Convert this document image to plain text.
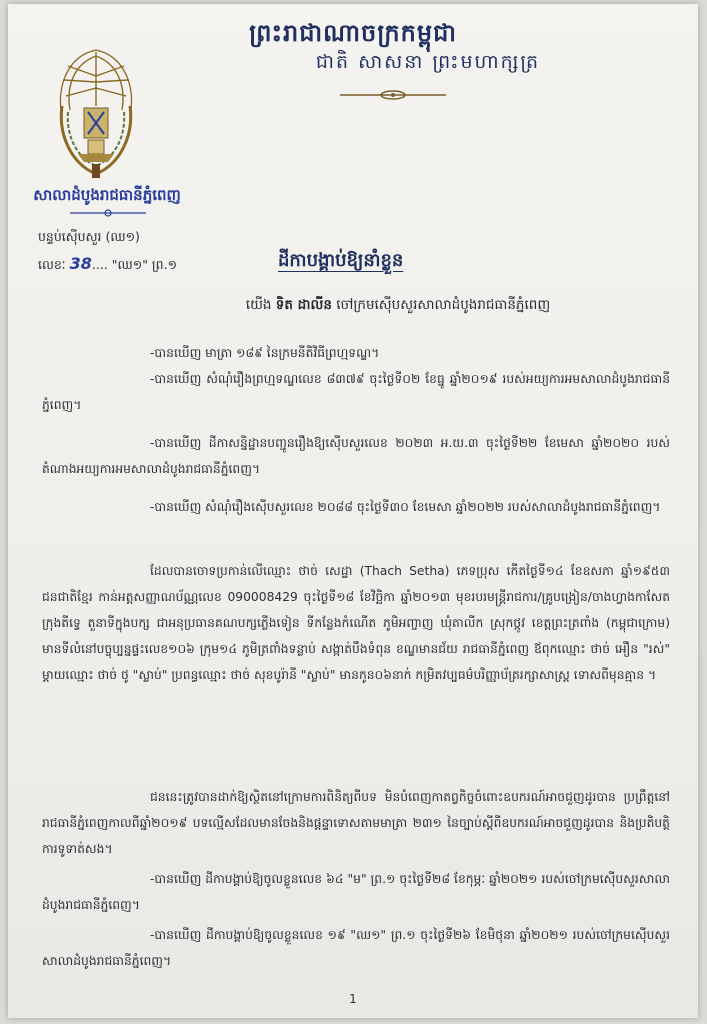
ព្រះរាជាណាចក្រកម្ពុជា
ជាតិ សាសនា ព្រះមហាក្សត្រ
សាលាដំបូងរាជធានីភ្នំពេញ
បន្ទប់ស៊ើបសួរ (ឈ១)
លេខៈ 38.... "ឈ១" ព្រ.១	ដីកាបង្គាប់ឱ្យនាំខ្លួន
យើង ទិត ដាលីន ចៅក្រមស៊ើបសួរសាលាដំបូងរាជធានីភ្នំពេញ
-បានឃើញ មាត្រា ១៨៩ នៃក្រមនីតិវិធីព្រហ្មទណ្ឌ។
-បានឃើញ សំណុំរឿងព្រហ្មទណ្ឌលេខ ៨៣៧៩ ចុះថ្ងៃទី០២ ខែធ្នូ ឆ្នាំ២០១៩ របស់អយ្យការអមសាលាដំបូងរាជធានីភ្នំពេញ។
-បានឃើញ ដីកាសន្និដ្ឋានបញ្ជូនរឿងឱ្យស៊ើបសួរលេខ ២០២៣ អ.យ.៣ ចុះថ្ងៃទី២២ ខែមេសា ឆ្នាំ២០២០ របស់តំណាងអយ្យការអមសាលាដំបូងរាជធានីភ្នំពេញ។
-បានឃើញ សំណុំរឿងស៊ើបសួរលេខ ២០៨៨ ចុះថ្ងៃទី៣០ ខែមេសា ឆ្នាំ២០២២ របស់សាលាដំបូងរាជធានីភ្នំពេញ។
ដែលបានចោទប្រកាន់លើឈ្មោះ ថាច់ សេដ្ឋា (Thach Setha) ភេទប្រុស កើតថ្ងៃទី១៤ ខែឧសភា ឆ្នាំ១៩៥៣ ជនជាតិខ្មែរ កាន់អត្តសញ្ញាណប័ណ្ណលេខ 090008429 ចុះថ្ងៃទី១៨ ខែវិច្ឆិកា ឆ្នាំ២០១៣ មុខរបរមន្ត្រីរាជការ/គ្រូបង្រៀន/ចាងហ្វាងកាសែតក្រុងតីទ្វេ តួនាទីក្នុងបក្ស ជាអនុប្រធានគណបក្សភ្លើងទៀន ទីកន្លែងកំណើត ភូមិអញ្ចាញ ឃុំតាលីក ស្រុកថ្កូវ ខេត្តព្រះត្រពាំង (កម្ពុជាក្រោម) មានទីលំនៅបច្ចុប្បន្នផ្ទះលេខ១០៦ ក្រុម១៤ ភូមិត្រពាំងទន្លាប់ សង្កាត់បឹងទំពុន ខណ្ឌមានជ័យ រាជធានីភ្នំពេញ ឪពុកឈ្មោះ ថាច់ អឿន "រស់" ម្តាយឈ្មោះ ថាច់ ថូ "ស្លាប់" ប្រពន្ធឈ្មោះ ថាច់ សុខបូរ៉ានី "ស្លាប់" មានកូន០៦នាក់ កម្រិតវប្បធម៌បរិញ្ញាប័ត្ររក្សាសាស្ត្រ ទោសពីមុនគ្មាន ។
ជននេះត្រូវបានដាក់ឱ្យស្ថិតនៅក្រោមការពិនិត្យពីបទ មិនបំពេញកាតព្វកិច្ចចំពោះឧបករណ៍អាចជួញដូរបាន ប្រព្រឹត្តនៅរាជធានីភ្នំពេញកាលពីឆ្នាំ២០១៩ បទល្មើសដែលមានចែងនិងផ្តន្ទាទោសតាមមាត្រា ២៣១ នៃច្បាប់ស្តីពីឧបករណ៍អាចជួញដូរបាន និងប្រតិបត្តិការទូទាត់សង។
-បានឃើញ ដីកាបង្គាប់ឱ្យចូលខ្លួនលេខ ៦៤ "ម" ព្រ.១ ចុះថ្ងៃទី២៨ ខែកុម្ភៈ ឆ្នាំ២០២១ របស់ចៅក្រមស៊ើបសួរសាលាដំបូងរាជធានីភ្នំពេញ។
-បានឃើញ ដីកាបង្គាប់ឱ្យចូលខ្លួនលេខ ១៩ "ឈ១" ព្រ.១ ចុះថ្ងៃទី២៦ ខែមិថុនា ឆ្នាំ២០២១ របស់ចៅក្រមស៊ើបសួរសាលាដំបូងរាជធានីភ្នំពេញ។
1
